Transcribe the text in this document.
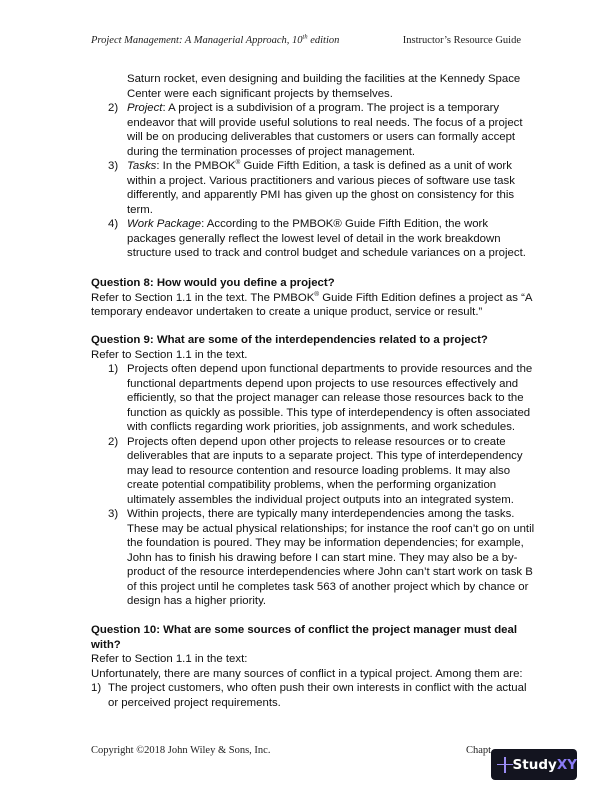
Project Management: A Managerial Approach, 10th edition	Instructor’s Resource Guide
Saturn rocket, even designing and building the facilities at the Kennedy Space
Center were each significant projects by themselves.
2) Project: A project is a subdivision of a program. The project is a temporary
endeavor that will provide useful solutions to real needs. The focus of a project
will be on producing deliverables that customers or users can formally accept
during the termination processes of project management.
3) Tasks: In the PMBOK® Guide Fifth Edition, a task is defined as a unit of work
within a project. Various practitioners and various pieces of software use task
differently, and apparently PMI has given up the ghost on consistency for this
term.
4) Work Package: According to the PMBOK® Guide Fifth Edition, the work
packages generally reflect the lowest level of detail in the work breakdown
structure used to track and control budget and schedule variances on a project.
Question 8: How would you define a project?
Refer to Section 1.1 in the text. The PMBOK® Guide Fifth Edition defines a project as “A
temporary endeavor undertaken to create a unique product, service or result.”
Question 9: What are some of the interdependencies related to a project?
Refer to Section 1.1 in the text.
1) Projects often depend upon functional departments to provide resources and the
functional departments depend upon projects to use resources effectively and
efficiently, so that the project manager can release those resources back to the
function as quickly as possible. This type of interdependency is often associated
with conflicts regarding work priorities, job assignments, and work schedules.
2) Projects often depend upon other projects to release resources or to create
deliverables that are inputs to a separate project. This type of interdependency
may lead to resource contention and resource loading problems. It may also
create potential compatibility problems, when the performing organization
ultimately assembles the individual project outputs into an integrated system.
3) Within projects, there are typically many interdependencies among the tasks.
These may be actual physical relationships; for instance the roof can’t go on until
the foundation is poured. They may be information dependencies; for example,
John has to finish his drawing before I can start mine. They may also be a by-
product of the resource interdependencies where John can’t start work on task B
of this project until he completes task 563 of another project which by chance or
design has a higher priority.
Question 10: What are some sources of conflict the project manager must deal
with?
Refer to Section 1.1 in the text:
Unfortunately, there are many sources of conflict in a typical project. Among them are:
1) The project customers, who often push their own interests in conflict with the actual
or perceived project requirements.
Copyright ©2018 John Wiley & Sons, Inc.	Chapt
Study XY
